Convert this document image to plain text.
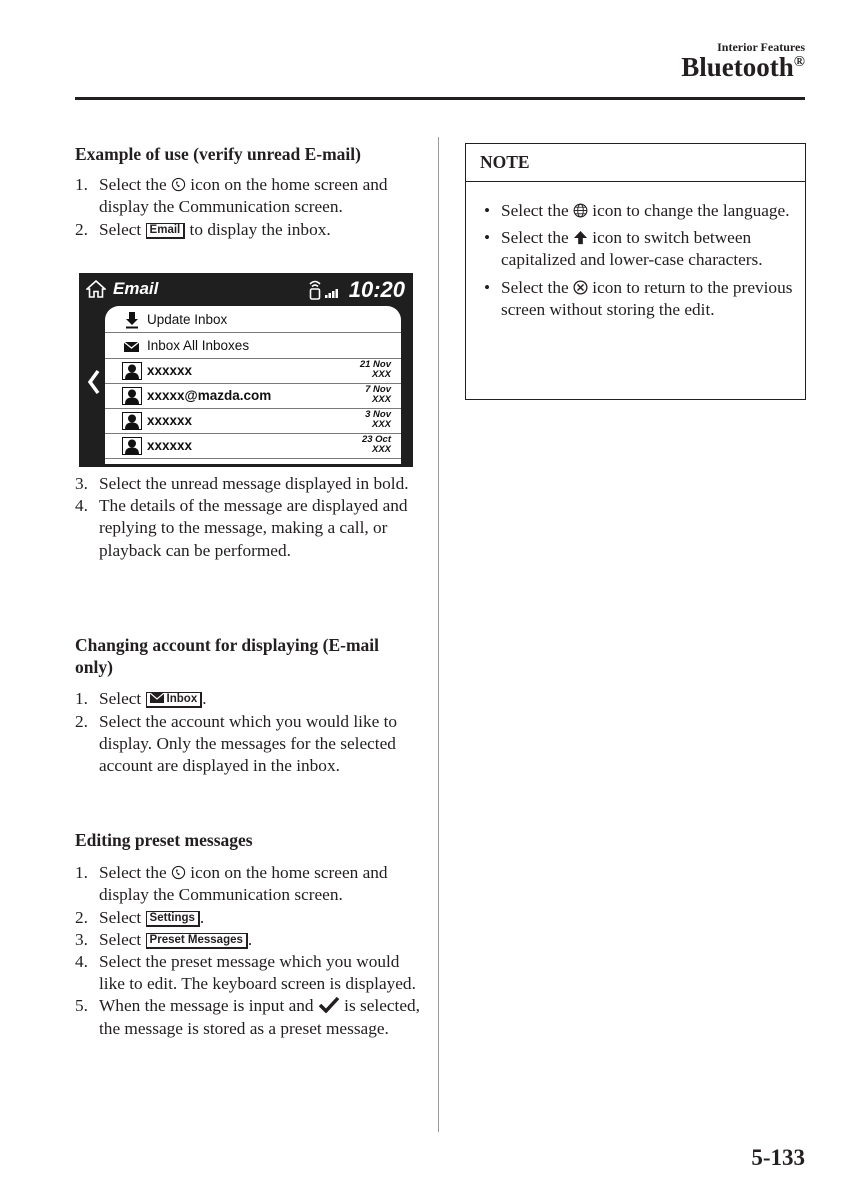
Interior Features
Bluetooth®

Example of use (verify unread E-mail)

1. Select the  icon on the home screen and display the Communication screen.
2. Select Email to display the inbox.
Email	10:20
Update Inbox
Inbox All Inboxes
xxxxxx	21 Nov
XXX
xxxxx@mazda.com	7 Nov
XXX
xxxxxx	3 Nov
XXX
xxxxxx	23 Oct
XXX
3. Select the unread message displayed in bold.
4. The details of the message are displayed and replying to the message, making a call, or playback can be performed.

Changing account for displaying (E-mail only)

1. Select Inbox .
2. Select the account which you would like to display. Only the messages for the selected account are displayed in the inbox.

Editing preset messages

1. Select the  icon on the home screen and display the Communication screen.
2. Select Settings .
3. Select Preset Messages .
4. Select the preset message which you would like to edit. The keyboard screen is displayed.
5. When the message is input and  is selected, the message is stored as a preset message.
NOTE
• Select the  icon to change the language.
• Select the  icon to switch between capitalized and lower-case characters.
• Select the  icon to return to the previous screen without storing the edit.
5-133
